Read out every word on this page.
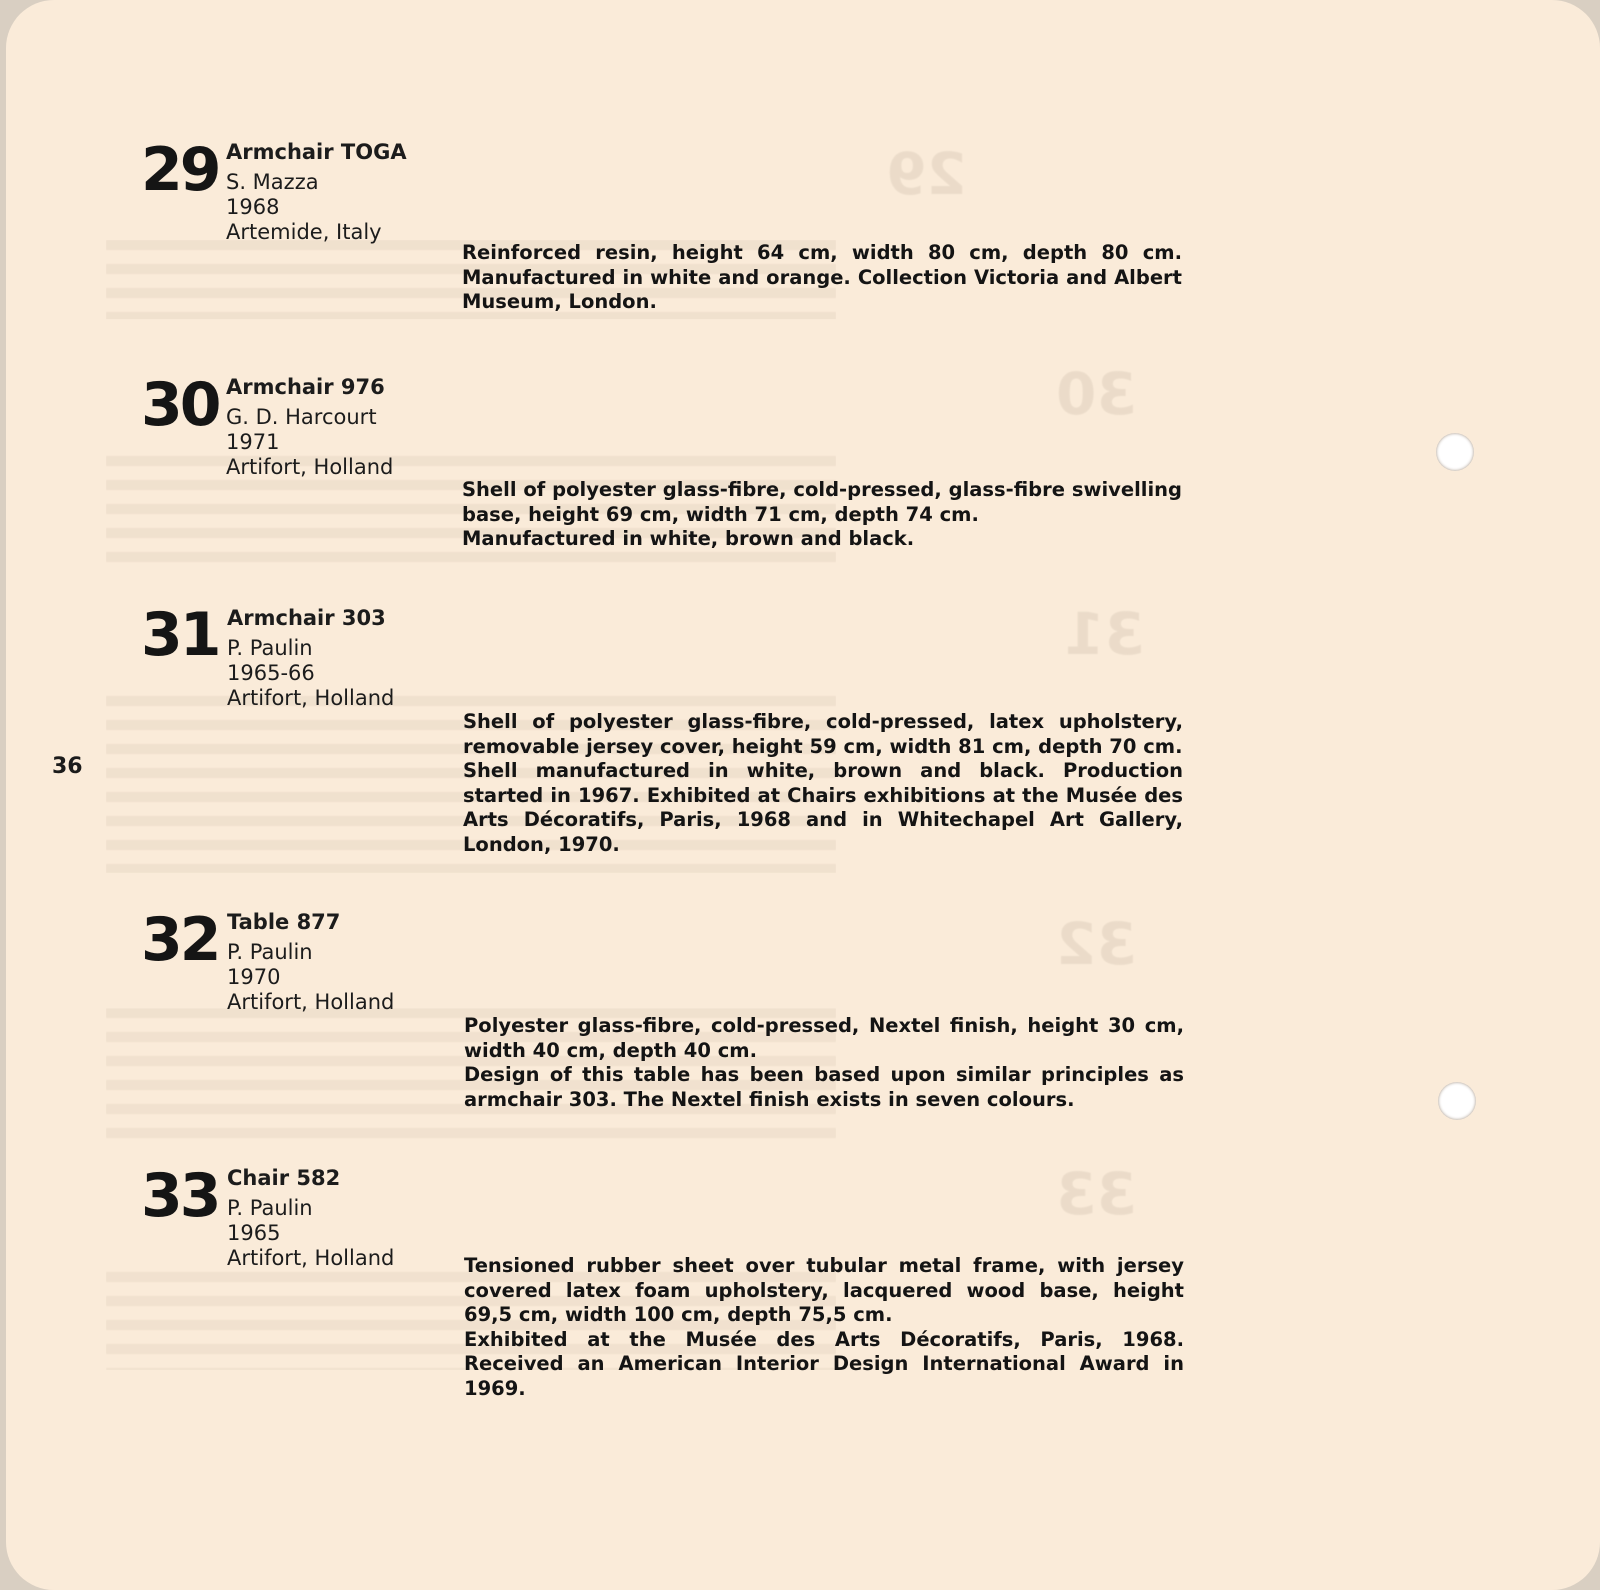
29
30
31
32
33
36
29 Armchair TOGA
S. Mazza
1968
Artemide, Italy

Reinforced resin, height 64 cm, width 80 cm, depth 80 cm. Manufactured in white and orange. Collection Victoria and Albert Museum, London.

30 Armchair 976
G. D. Harcourt
1971
Artifort, Holland

Shell of polyester glass-fibre, cold-pressed, glass-fibre swivelling base, height 69 cm, width 71 cm, depth 74 cm.

Manufactured in white, brown and black.

31 Armchair 303
P. Paulin
1965-66
Artifort, Holland

Shell of polyester glass-fibre, cold-pressed, latex upholstery, removable jersey cover, height 59 cm, width 81 cm, depth 70 cm.

Shell manufactured in white, brown and black. Production started in 1967. Exhibited at Chairs exhibitions at the Musée des Arts Décoratifs, Paris, 1968 and in Whitechapel Art Gallery, London, 1970.

32 Table 877
P. Paulin
1970
Artifort, Holland

Polyester glass-fibre, cold-pressed, Nextel finish, height 30 cm, width 40 cm, depth 40 cm.

Design of this table has been based upon similar principles as armchair 303. The Nextel finish exists in seven colours.

33 Chair 582
P. Paulin
1965
Artifort, Holland	Tensioned rubber sheet over tubular metal frame, with jersey covered latex foam upholstery, lacquered wood base, height 69,5 cm, width 100 cm, depth 75,5 cm.

Exhibited at the Musée des Arts Décoratifs, Paris, 1968. Received an American Interior Design International Award in 1969.
